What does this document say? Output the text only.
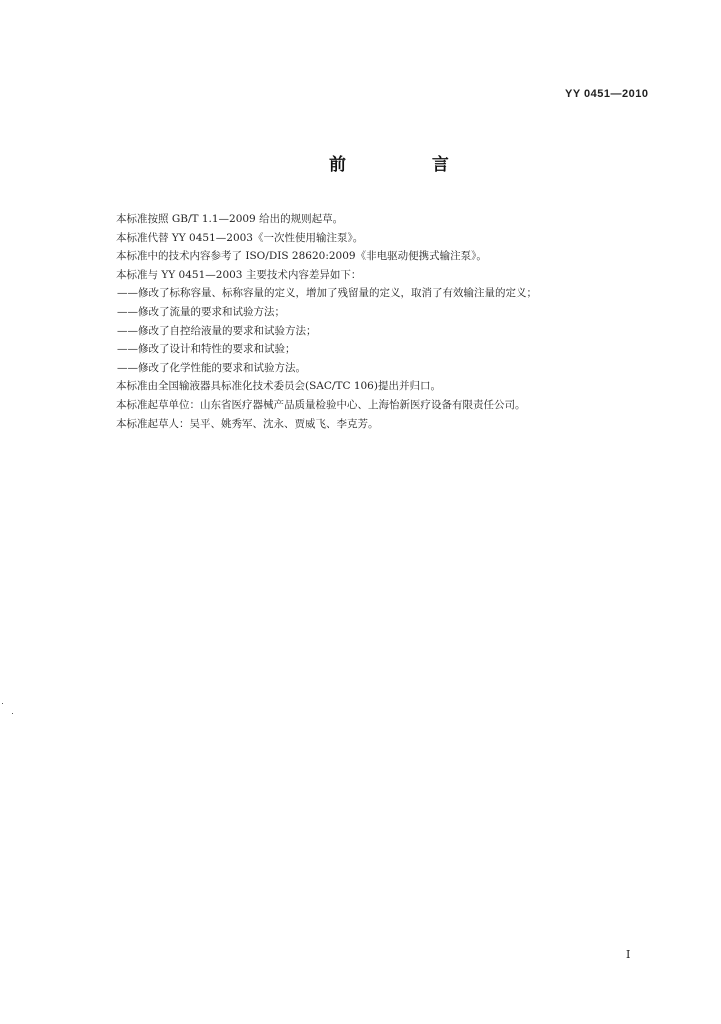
YY 0451—2010
前 言
本标准按照 GB/T 1.1—2009 给出的规则起草。
本标准代替 YY 0451—2003《一次性使用输注泵》。
本标准中的技术内容参考了 ISO/DIS 28620:2009《非电驱动便携式输注泵》。
本标准与 YY 0451—2003 主要技术内容差异如下：
——修改了标称容量、标称容量的定义，增加了残留量的定义，取消了有效输注量的定义；
——修改了流量的要求和试验方法；
——修改了自控给液量的要求和试验方法；
——修改了设计和特性的要求和试验；
——修改了化学性能的要求和试验方法。
本标准由全国输液器具标准化技术委员会(SAC/TC 106)提出并归口。
本标准起草单位：山东省医疗器械产品质量检验中心、上海怡新医疗设备有限责任公司。
本标准起草人：吴平、姚秀军、沈永、贾威飞、李克芳。
I
